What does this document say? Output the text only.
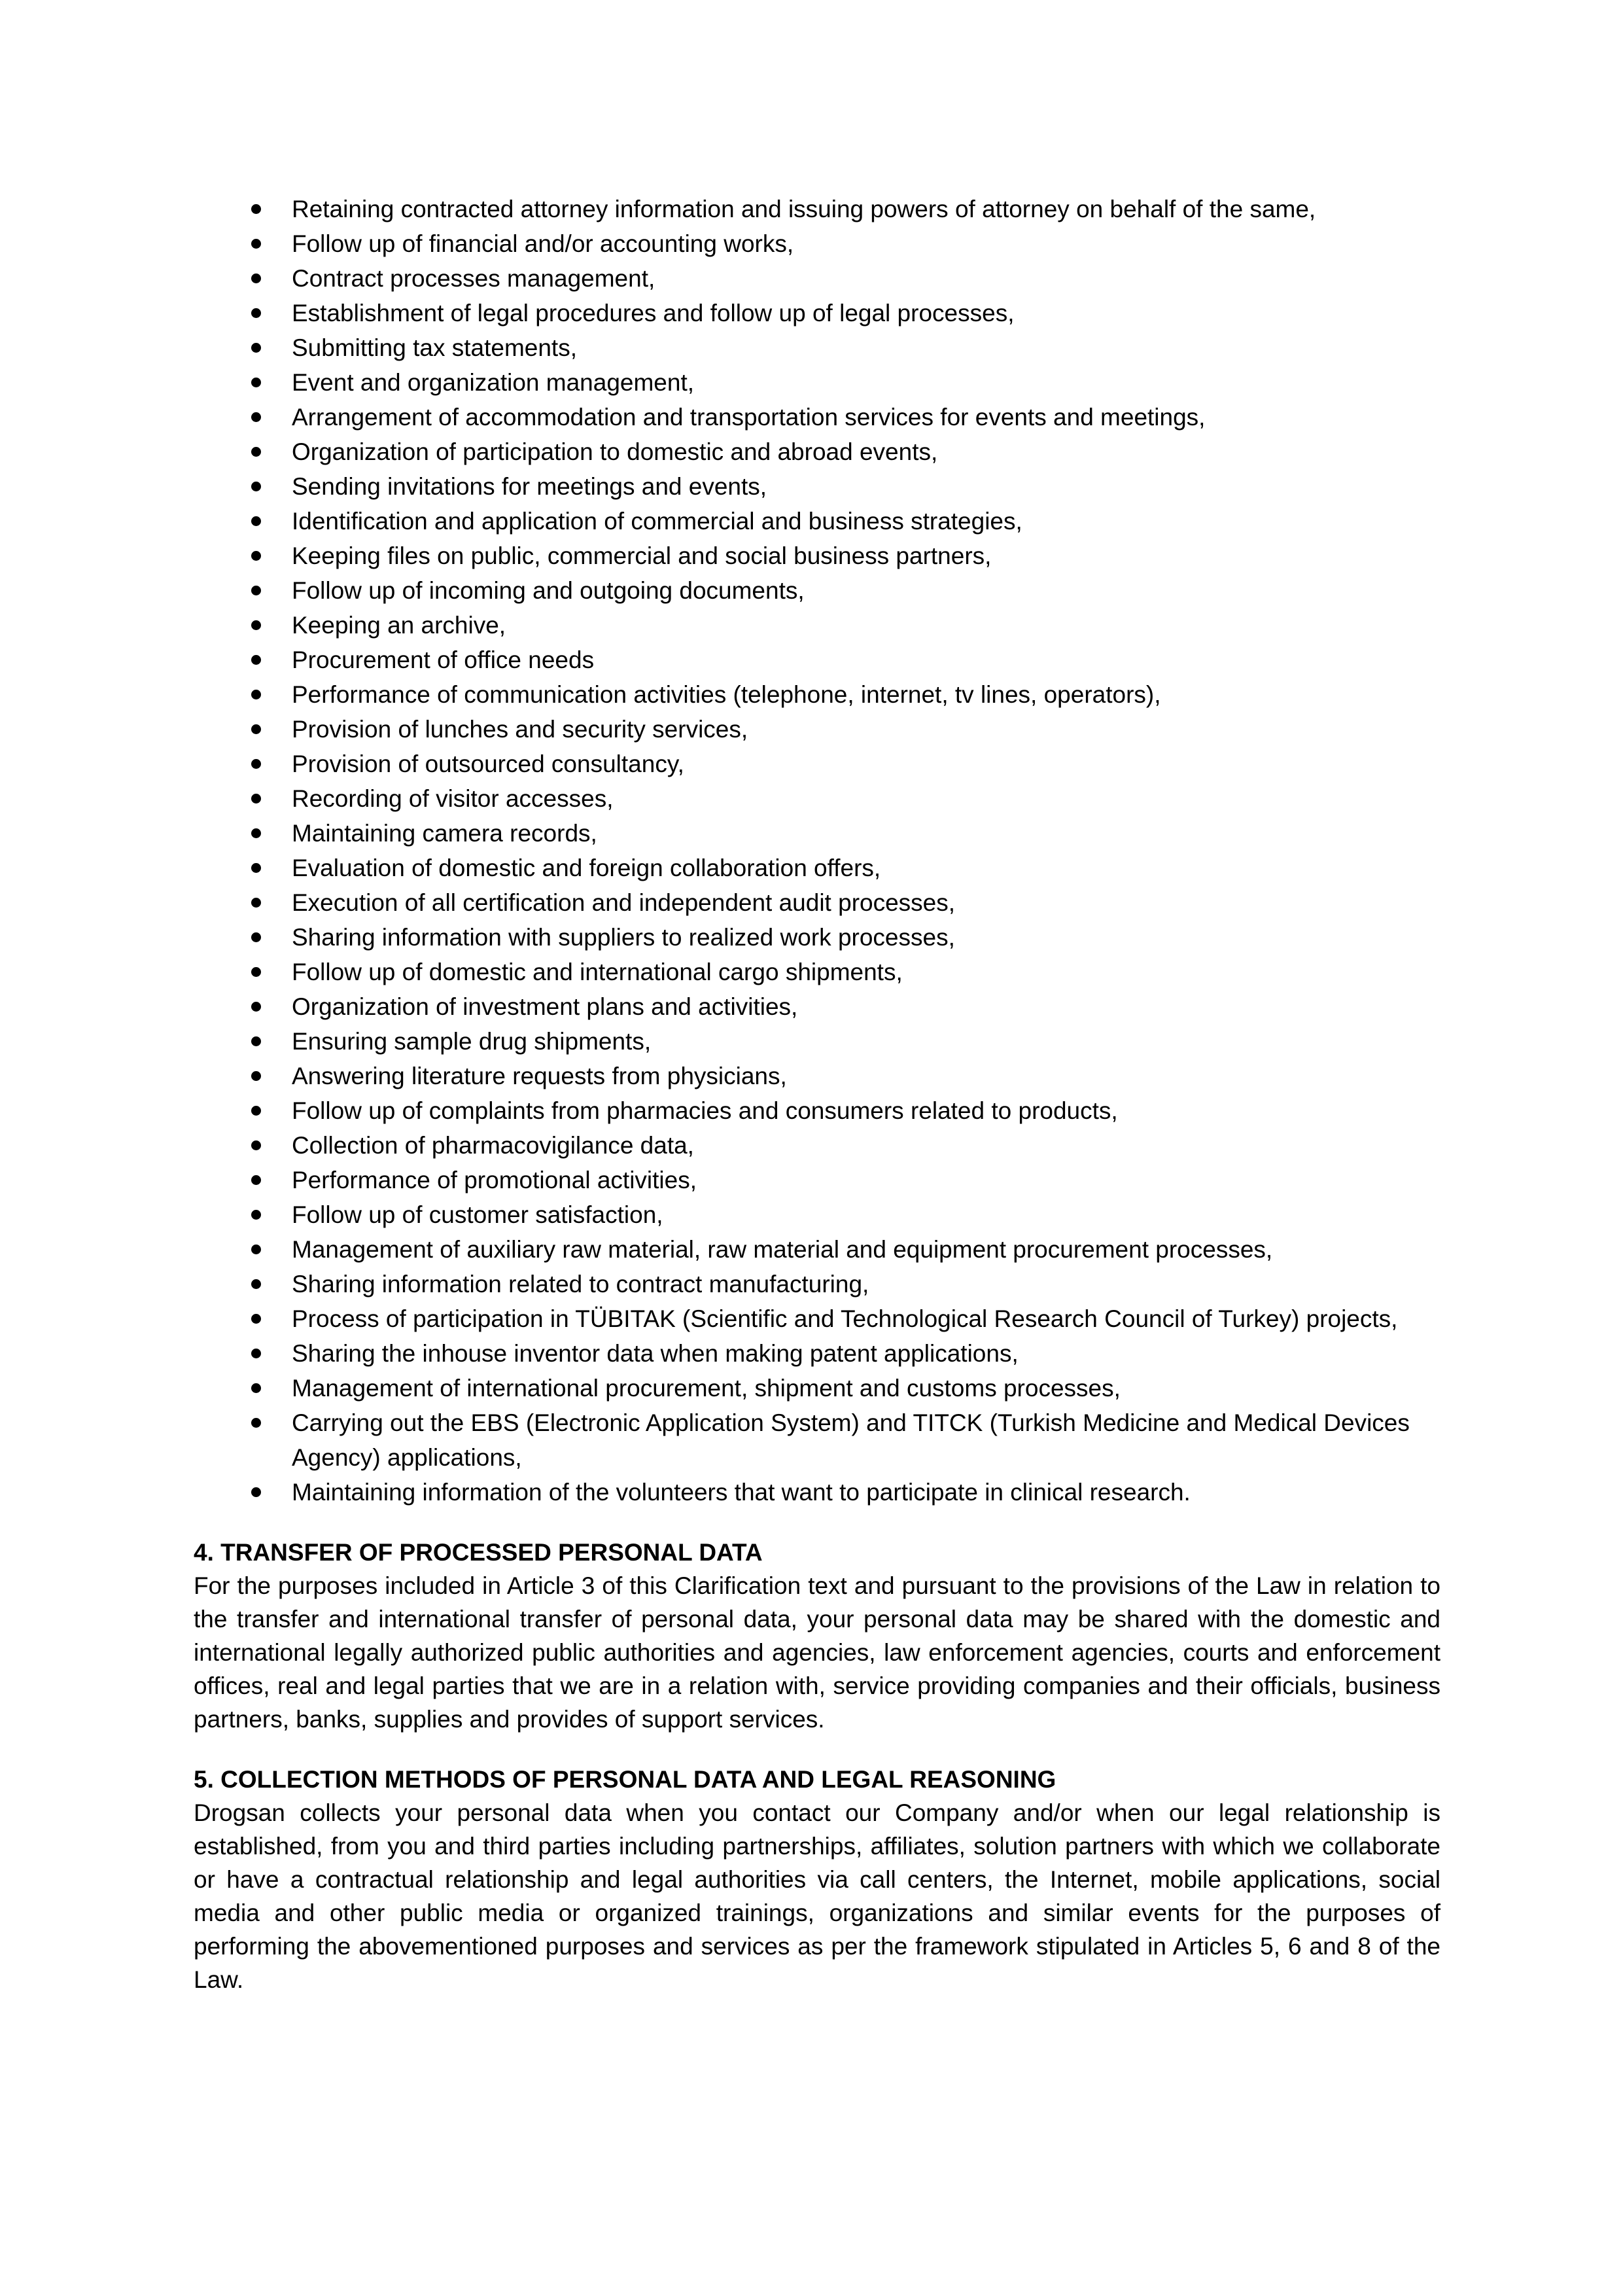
Retaining contracted attorney information and issuing powers of attorney on behalf of the same,
Follow up of financial and/or accounting works,
Contract processes management,
Establishment of legal procedures and follow up of legal processes,
Submitting tax statements,
Event and organization management,
Arrangement of accommodation and transportation services for events and meetings,
Organization of participation to domestic and abroad events,
Sending invitations for meetings and events,
Identification and application of commercial and business strategies,
Keeping files on public, commercial and social business partners,
Follow up of incoming and outgoing documents,
Keeping an archive,
Procurement of office needs
Performance of communication activities (telephone, internet, tv lines, operators),
Provision of lunches and security services,
Provision of outsourced consultancy,
Recording of visitor accesses,
Maintaining camera records,
Evaluation of domestic and foreign collaboration offers,
Execution of all certification and independent audit processes,
Sharing information with suppliers to realized work processes,
Follow up of domestic and international cargo shipments,
Organization of investment plans and activities,
Ensuring sample drug shipments,
Answering literature requests from physicians,
Follow up of complaints from pharmacies and consumers related to products,
Collection of pharmacovigilance data,
Performance of promotional activities,
Follow up of customer satisfaction,
Management of auxiliary raw material, raw material and equipment procurement processes,
Sharing information related to contract manufacturing,
Process of participation in TÜBITAK (Scientific and Technological Research Council of Turkey) projects,
Sharing the inhouse inventor data when making patent applications,
Management of international procurement, shipment and customs processes,
Carrying out the EBS (Electronic Application System) and TITCK (Turkish Medicine and Medical Devices Agency) applications,
Maintaining information of the volunteers that want to participate in clinical research.
4. TRANSFER OF PROCESSED PERSONAL DATA

For the purposes included in Article 3 of this Clarification text and pursuant to the provisions of the Law in relation to the transfer and international transfer of personal data, your personal data may be shared with the domestic and international legally authorized public authorities and agencies, law enforcement agencies, courts and enforcement offices, real and legal parties that we are in a relation with, service providing companies and their officials, business partners, banks, supplies and provides of support services.

5. COLLECTION METHODS OF PERSONAL DATA AND LEGAL REASONING

Drogsan collects your personal data when you contact our Company and/or when our legal relationship is established, from you and third parties including partnerships, affiliates, solution partners with which we collaborate or have a contractual relationship and legal authorities via call centers, the Internet, mobile applications, social media and other public media or organized trainings, organizations and similar events for the purposes of performing the abovementioned purposes and services as per the framework stipulated in Articles 5, 6 and 8 of the Law.
